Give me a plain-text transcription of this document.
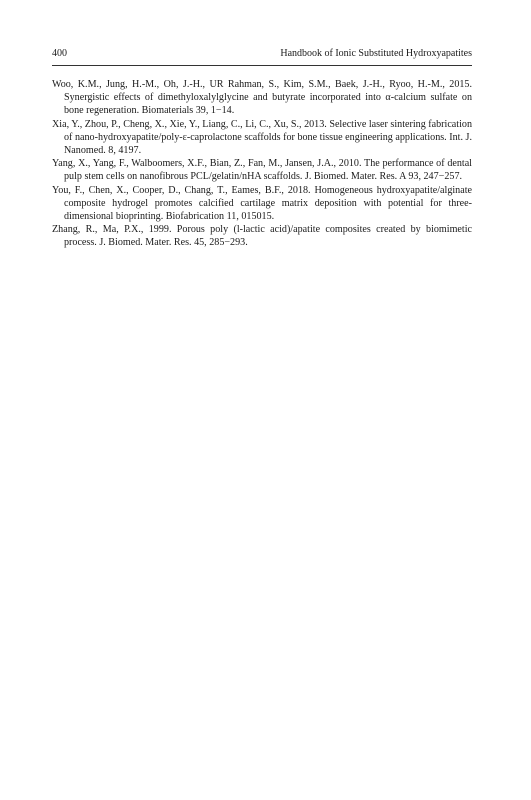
400	Handbook of Ionic Substituted Hydroxyapatites
Woo, K.M., Jung, H.-M., Oh, J.-H., UR Rahman, S., Kim, S.M., Baek, J.-H., Ryoo, H.-M., 2015. Synergistic effects of dimethyloxalylglycine and butyrate incorporated into α-calcium sulfate on bone regeneration. Biomaterials 39, 1−14.
Xia, Y., Zhou, P., Cheng, X., Xie, Y., Liang, C., Li, C., Xu, S., 2013. Selective laser sintering fabrication of nano-hydroxyapatite/poly-ε-caprolactone scaffolds for bone tissue engineering applications. Int. J. Nanomed. 8, 4197.
Yang, X., Yang, F., Walboomers, X.F., Bian, Z., Fan, M., Jansen, J.A., 2010. The performance of dental pulp stem cells on nanofibrous PCL/gelatin/nHA scaffolds. J. Biomed. Mater. Res. A 93, 247−257.
You, F., Chen, X., Cooper, D., Chang, T., Eames, B.F., 2018. Homogeneous hydroxyapatite/alginate composite hydrogel promotes calcified cartilage matrix deposition with potential for three-dimensional bioprinting. Biofabrication 11, 015015.
Zhang, R., Ma, P.X., 1999. Porous poly (l-lactic acid)/apatite composites created by biomimetic process. J. Biomed. Mater. Res. 45, 285−293.
